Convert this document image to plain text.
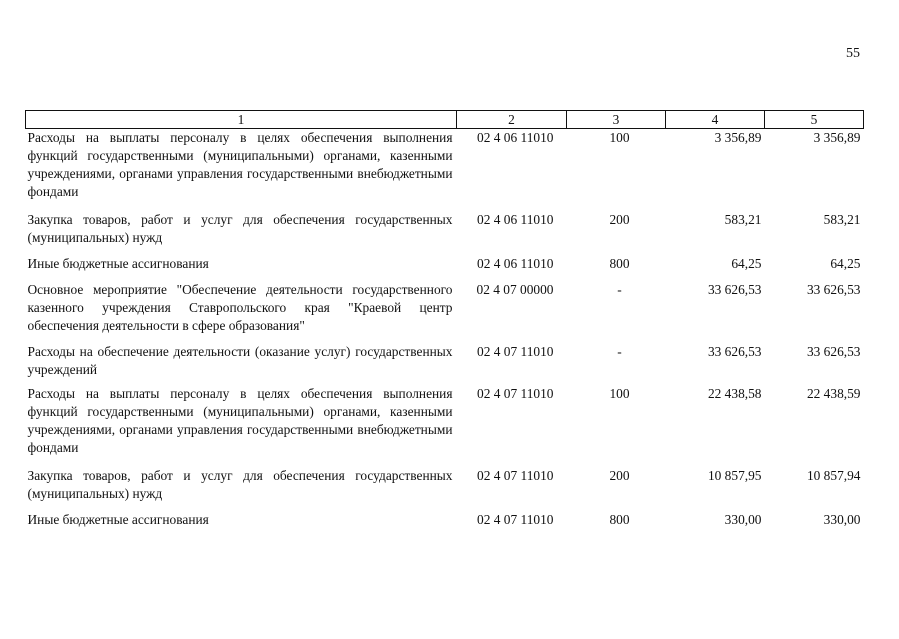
55
1	2	3	4	5
Расходы на выплаты персоналу в целях обеспечения выполнения функций государственными (муниципальными) органами, казенными учреждениями, органами управления государственными внебюджетными фондами	02 4 06 11010	100	3 356,89	3 356,89
Закупка товаров, работ и услуг для обеспечения государственных (муниципальных) нужд	02 4 06 11010	200	583,21	583,21
Иные бюджетные ассигнования	02 4 06 11010	800	64,25	64,25
Основное мероприятие "Обеспечение деятельности государственного казенного учреждения Ставропольского края "Краевой центр обеспечения деятельности в сфере образования"	02 4 07 00000	-	33 626,53	33 626,53
Расходы на обеспечение деятельности (оказание услуг) государственных учреждений	02 4 07 11010	-	33 626,53	33 626,53
Расходы на выплаты персоналу в целях обеспечения выполнения функций государственными (муниципальными) органами, казенными учреждениями, органами управления государственными внебюджетными фондами	02 4 07 11010	100	22 438,58	22 438,59
Закупка товаров, работ и услуг для обеспечения государственных (муниципальных) нужд	02 4 07 11010	200	10 857,95	10 857,94
Иные бюджетные ассигнования	02 4 07 11010	800	330,00	330,00
